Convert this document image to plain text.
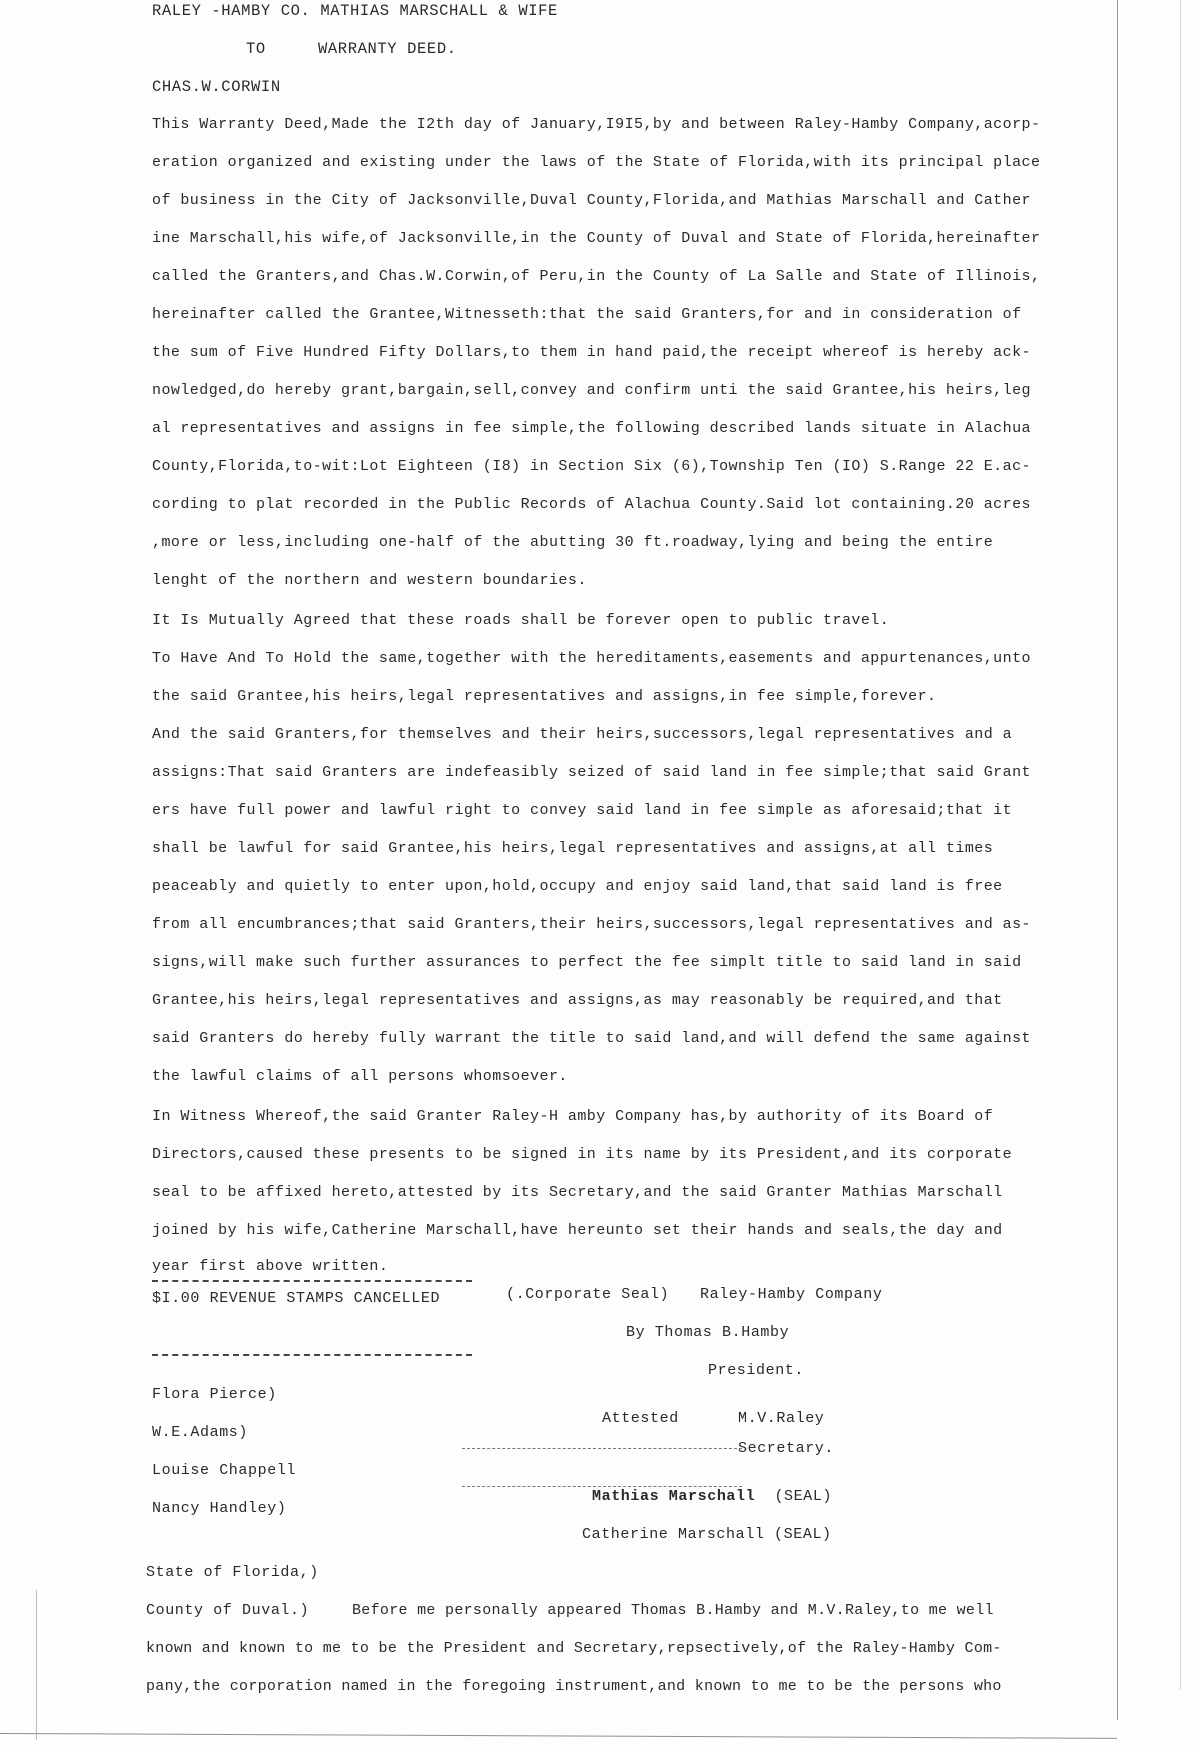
RALEY -HAMBY CO. MATHIAS MARSCHALL & WIFE
TO	WARRANTY DEED.
CHAS.W.CORWIN
This Warranty Deed,Made the I2th day of January,I9I5,by and between Raley-Hamby Company,acorp-
eration organized and existing under the laws of the State of Florida,with its principal place
of business in the City of Jacksonville,Duval County,Florida,and Mathias Marschall and Cather
ine Marschall,his wife,of Jacksonville,in the County of Duval and State of Florida,hereinafter
called the Granters,and Chas.W.Corwin,of Peru,in the County of La Salle and State of Illinois,
hereinafter called the Grantee,Witnesseth:that the said Granters,for and in consideration of
the sum of Five Hundred Fifty Dollars,to them in hand paid,the receipt whereof is hereby ack-
nowledged,do hereby grant,bargain,sell,convey and confirm unti the said Grantee,his heirs,leg
al representatives and assigns in fee simple,the following described lands situate in Alachua
County,Florida,to-wit:Lot Eighteen (I8) in Section Six (6),Township Ten (IO) S.Range 22 E.ac-
cording to plat recorded in the Public Records of Alachua County.Said lot containing.20 acres
,more or less,including one-half of the abutting 30 ft.roadway,lying and being the entire
lenght of the northern and western boundaries.
It Is Mutually Agreed that these roads shall be forever open to public travel.
To Have And To Hold the same,together with the hereditaments,easements and appurtenances,unto
the said Grantee,his heirs,legal representatives and assigns,in fee simple,forever.
And the said Granters,for themselves and their heirs,successors,legal representatives and a
assigns:That said Granters are indefeasibly seized of said land in fee simple;that said Grant
ers have full power and lawful right to convey said land in fee simple as aforesaid;that it
shall be lawful for said Grantee,his heirs,legal representatives and assigns,at all times
peaceably and quietly to enter upon,hold,occupy and enjoy said land,that said land is free
from all encumbrances;that said Granters,their heirs,successors,legal representatives and as-
signs,will make such further assurances to perfect the fee simplt title to said land in said
Grantee,his heirs,legal representatives and assigns,as may reasonably be required,and that
said Granters do hereby fully warrant the title to said land,and will defend the same against
the lawful claims of all persons whomsoever.
In Witness Whereof,the said Granter Raley-H amby Company has,by authority of its Board of
Directors,caused these presents to be signed in its name by its President,and its corporate
seal to be affixed hereto,attested by its Secretary,and the said Granter Mathias Marschall
joined by his wife,Catherine Marschall,have hereunto set their hands and seals,the day and
year first above written.
$I.00 REVENUE STAMPS CANCELLED	(.Corporate Seal) Raley-Hamby Company
By Thomas B.Hamby
President.
Flora Pierce)
W.E.Adams)
Louise Chappell
Nancy Handley)
Attested	M.V.Raley
Secretary.
Mathias Marschall (SEAL)
Catherine Marschall (SEAL)
State of Florida,)
County of Duval.)	Before me personally appeared Thomas B.Hamby and M.V.Raley,to me well
known and known to me to be the President and Secretary,repsectively,of the Raley-Hamby Com-
pany,the corporation named in the foregoing instrument,and known to me to be the persons who
